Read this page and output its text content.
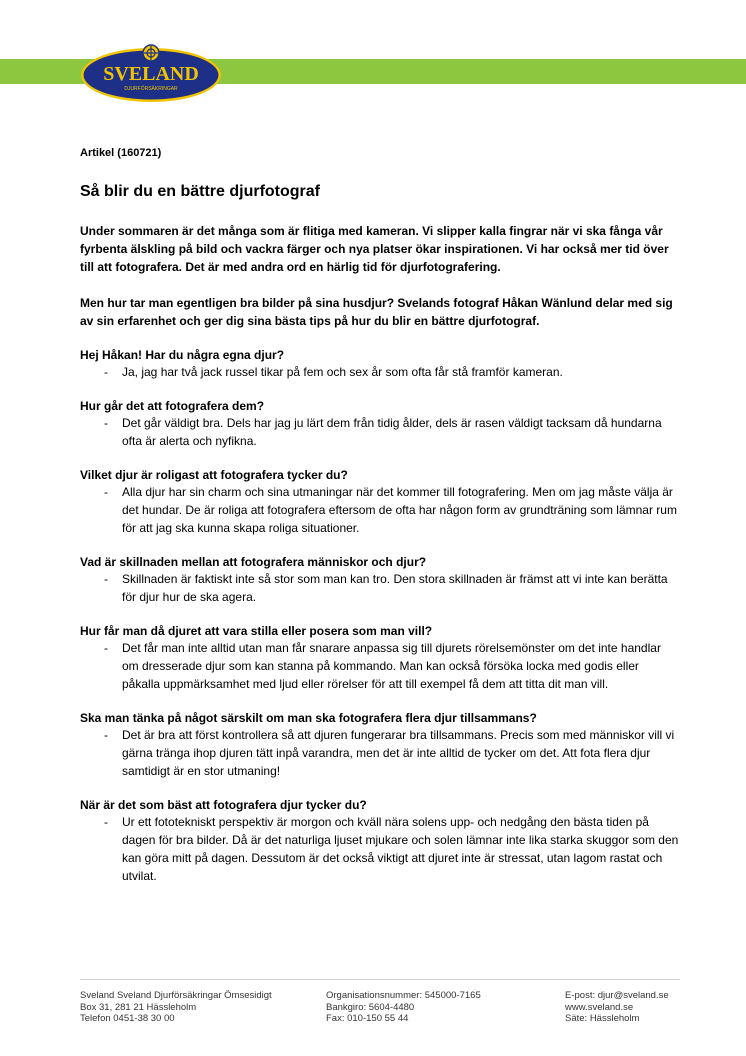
SVELAND
DJURFÖRSÄKRINGAR

Artikel (160721)

Så blir du en bättre djurfotograf

Under sommaren är det många som är flitiga med kameran. Vi slipper kalla fingrar när vi ska fånga vår fyrbenta älskling på bild och vackra färger och nya platser ökar inspirationen. Vi har också mer tid över till att fotografera. Det är med andra ord en härlig tid för djurfotografering.

Men hur tar man egentligen bra bilder på sina husdjur? Svelands fotograf Håkan Wänlund delar med sig av sin erfarenhet och ger dig sina bästa tips på hur du blir en bättre djurfotograf.

Hej Håkan! Har du några egna djur?

- Ja, jag har två jack russel tikar på fem och sex år som ofta får stå framför kameran.

Hur går det att fotografera dem?

- Det går väldigt bra. Dels har jag ju lärt dem från tidig ålder, dels är rasen väldigt tacksam då hundarna ofta är alerta och nyfikna.

Vilket djur är roligast att fotografera tycker du?

- Alla djur har sin charm och sina utmaningar när det kommer till fotografering. Men om jag måste välja är det hundar. De är roliga att fotografera eftersom de ofta har någon form av grundträning som lämnar rum för att jag ska kunna skapa roliga situationer.

Vad är skillnaden mellan att fotografera människor och djur?

- Skillnaden är faktiskt inte så stor som man kan tro. Den stora skillnaden är främst att vi inte kan berätta för djur hur de ska agera.

Hur får man då djuret att vara stilla eller posera som man vill?

- Det får man inte alltid utan man får snarare anpassa sig till djurets rörelsemönster om det inte handlar om dresserade djur som kan stanna på kommando. Man kan också försöka locka med godis eller påkalla uppmärksamhet med ljud eller rörelser för att till exempel få dem att titta dit man vill.

Ska man tänka på något särskilt om man ska fotografera flera djur tillsammans?

- Det är bra att först kontrollera så att djuren fungerarar bra tillsammans. Precis som med människor vill vi gärna tränga ihop djuren tätt inpå varandra, men det är inte alltid de tycker om det. Att fota flera djur samtidigt är en stor utmaning!

När är det som bäst att fotografera djur tycker du?

- Ur ett fototekniskt perspektiv är morgon och kväll nära solens upp- och nedgång den bästa tiden på dagen för bra bilder. Då är det naturliga ljuset mjukare och solen lämnar inte lika starka skuggor som den kan göra mitt på dagen. Dessutom är det också viktigt att djuret inte är stressat, utan lagom rastat och utvilat.

Sveland Sveland Djurförsäkringar Ömsesidigt
Box 31, 281 21 Hässleholm
Telefon 0451-38 30 00
Organisationsnummer: 545000-7165
Bankgiro: 5604-4480
Fax: 010-150 55 44
E-post: djur@sveland.se
www.sveland.se
Säte: Hässleholm
